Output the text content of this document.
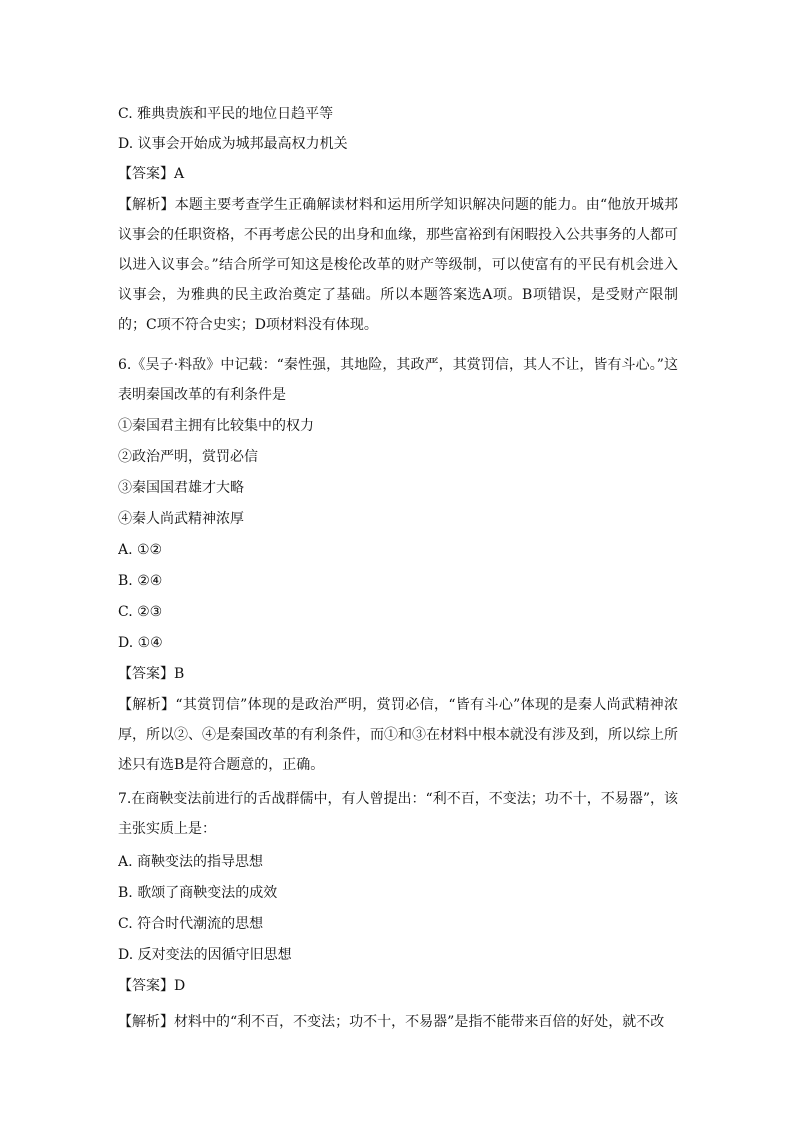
C. 雅典贵族和平民的地位日趋平等
D. 议事会开始成为城邦最高权力机关
【答案】A
【解析】本题主要考查学生正确解读材料和运用所学知识解决问题的能力。由“他放开城邦议事会的任职资格，不再考虑公民的出身和血缘，那些富裕到有闲暇投入公共事务的人都可以进入议事会。”结合所学可知这是梭伦改革的财产等级制，可以使富有的平民有机会进入议事会，为雅典的民主政治奠定了基础。所以本题答案选A项。B项错误，是受财产限制的；C项不符合史实；D项材料没有体现。
6.《吴子·料敌》中记载：“秦性强，其地险，其政严，其赏罚信，其人不让，皆有斗心。”这表明秦国改革的有利条件是
①秦国君主拥有比较集中的权力
②政治严明，赏罚必信
③秦国国君雄才大略
④秦人尚武精神浓厚
A. ①②
B. ②④
C. ②③
D. ①④
【答案】B
【解析】“其赏罚信”体现的是政治严明，赏罚必信，“皆有斗心”体现的是秦人尚武精神浓厚，所以②、④是秦国改革的有利条件，而①和③在材料中根本就没有涉及到，所以综上所述只有选B是符合题意的，正确。
7.在商鞅变法前进行的舌战群儒中，有人曾提出：“利不百，不变法；功不十，不易器”，该主张实质上是：
A. 商鞅变法的指导思想
B. 歌颂了商鞅变法的成效
C. 符合时代潮流的思想
D. 反对变法的因循守旧思想
【答案】D
【解析】材料中的“利不百，不变法；功不十，不易器”是指不能带来百倍的好处，就不改
